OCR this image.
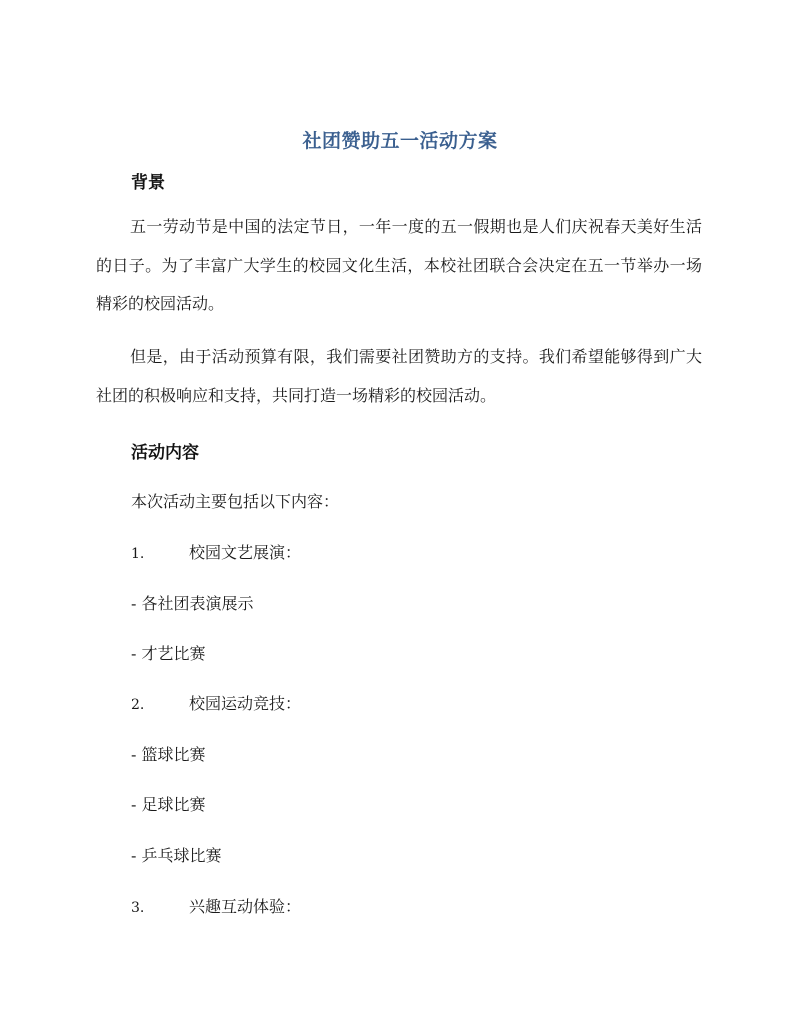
社团赞助五一活动方案
背景

五一劳动节是中国的法定节日，一年一度的五一假期也是人们庆祝春天美好生活的日子。为了丰富广大学生的校园文化生活，本校社团联合会决定在五一节举办一场精彩的校园活动。

但是，由于活动预算有限，我们需要社团赞助方的支持。我们希望能够得到广大社团的积极响应和支持，共同打造一场精彩的校园活动。

活动内容

本次活动主要包括以下内容：

1.	校园文艺展演：

- 各社团表演展示

- 才艺比赛

2.	校园运动竞技：

- 篮球比赛

- 足球比赛

- 乒乓球比赛

3.	兴趣互动体验：
